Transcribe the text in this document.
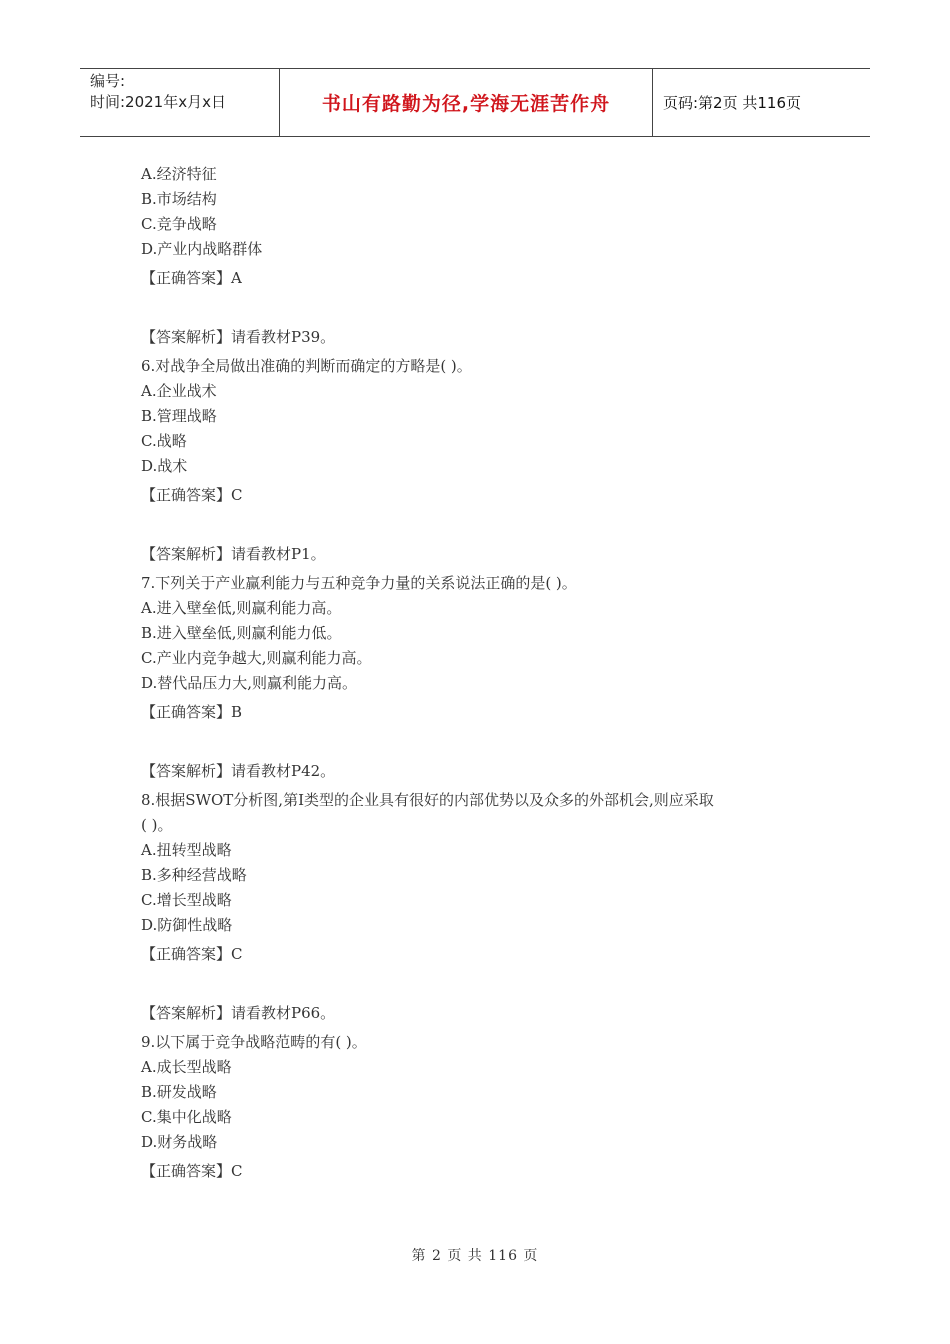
编号:
时间:2021年x月x日	书山有路勤为径,学海无涯苦作舟	页码:第2页 共116页
A.经济特征
B.市场结构
C.竞争战略
D.产业内战略群体
【正确答案】A
【答案解析】请看教材P39。
6.对战争全局做出准确的判断而确定的方略是( )。
A.企业战术
B.管理战略
C.战略
D.战术
【正确答案】C
【答案解析】请看教材P1。
7.下列关于产业赢利能力与五种竞争力量的关系说法正确的是( )。
A.进入壁垒低,则赢利能力高。
B.进入壁垒低,则赢利能力低。
C.产业内竞争越大,则赢利能力高。
D.替代品压力大,则赢利能力高。
【正确答案】B
【答案解析】请看教材P42。
8.根据SWOT分析图,第Ⅰ类型的企业具有很好的内部优势以及众多的外部机会,则应采取
( )。
A.扭转型战略
B.多种经营战略
C.增长型战略
D.防御性战略
【正确答案】C
【答案解析】请看教材P66。
9.以下属于竞争战略范畴的有( )。
A.成长型战略
B.研发战略
C.集中化战略
D.财务战略
【正确答案】C
第 2 页 共 116 页
